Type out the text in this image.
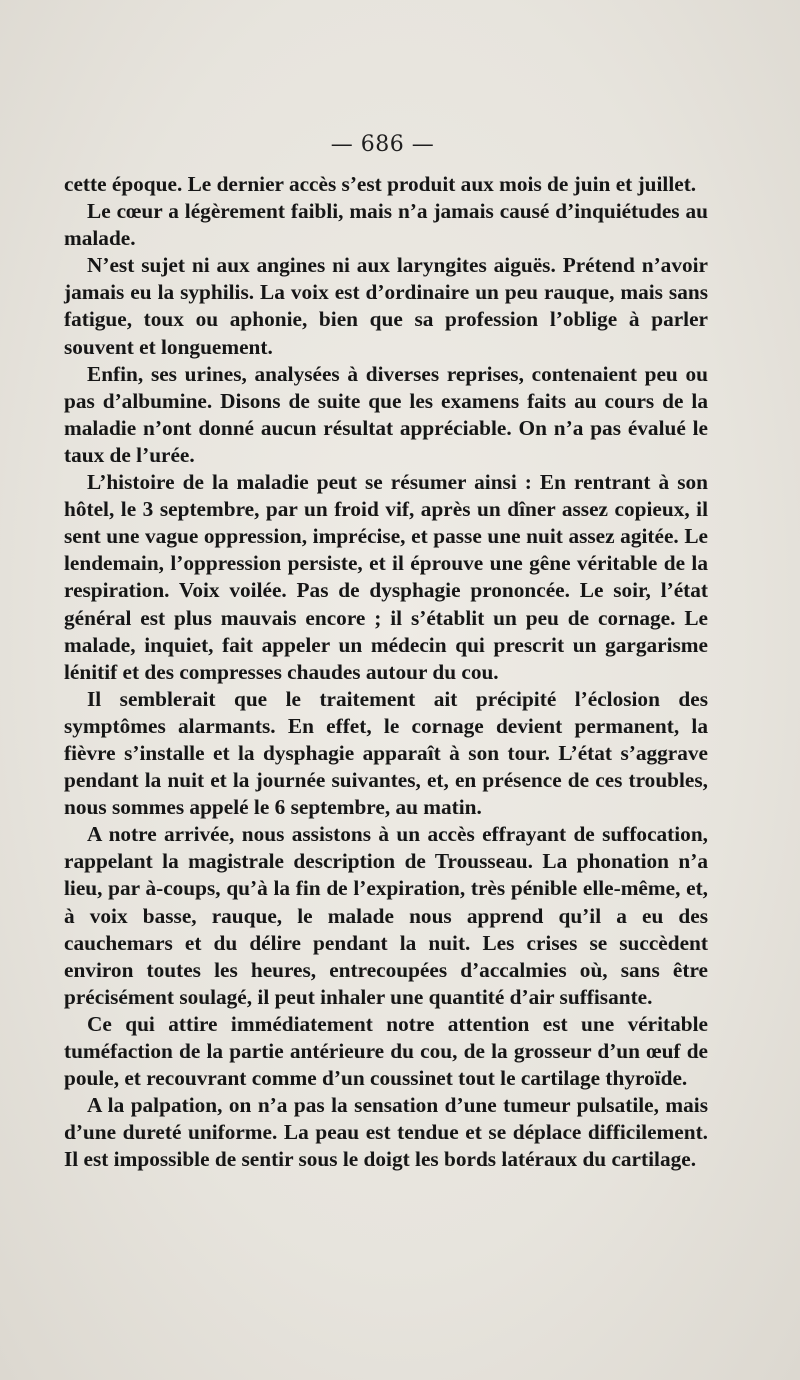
— 686 —

cette époque. Le dernier accès s’est produit aux mois de juin et juillet.

Le cœur a légèrement faibli, mais n’a jamais causé d’inquiétudes au malade.

N’est sujet ni aux angines ni aux laryngites aiguës. Prétend n’avoir jamais eu la syphilis. La voix est d’ordinaire un peu rauque, mais sans fatigue, toux ou aphonie, bien que sa profession l’oblige à parler souvent et longuement.

Enfin, ses urines, analysées à diverses reprises, contenaient peu ou pas d’albumine. Disons de suite que les examens faits au cours de la maladie n’ont donné aucun résultat appréciable. On n’a pas évalué le taux de l’urée.

L’histoire de la maladie peut se résumer ainsi : En rentrant à son hôtel, le 3 septembre, par un froid vif, après un dîner assez copieux, il sent une vague oppression, imprécise, et passe une nuit assez agitée. Le lendemain, l’oppression persiste, et il éprouve une gêne véritable de la respiration. Voix voilée. Pas de dysphagie prononcée. Le soir, l’état général est plus mauvais encore ; il s’établit un peu de cornage. Le malade, inquiet, fait appeler un médecin qui prescrit un gargarisme lénitif et des compresses chaudes autour du cou.

Il semblerait que le traitement ait précipité l’éclosion des symptômes alarmants. En effet, le cornage devient permanent, la fièvre s’installe et la dysphagie apparaît à son tour. L’état s’aggrave pendant la nuit et la journée suivantes, et, en présence de ces troubles, nous sommes appelé le 6 septembre, au matin.

A notre arrivée, nous assistons à un accès effrayant de suffocation, rappelant la magistrale description de Trousseau. La phonation n’a lieu, par à-coups, qu’à la fin de l’expiration, très pénible elle-même, et, à voix basse, rauque, le malade nous apprend qu’il a eu des cauchemars et du délire pendant la nuit. Les crises se succèdent environ toutes les heures, entrecoupées d’accalmies où, sans être précisément soulagé, il peut inhaler une quantité d’air suffisante.

Ce qui attire immédiatement notre attention est une véritable tuméfaction de la partie antérieure du cou, de la grosseur d’un œuf de poule, et recouvrant comme d’un coussinet tout le cartilage thyroïde.

A la palpation, on n’a pas la sensation d’une tumeur pulsatile, mais d’une dureté uniforme. La peau est tendue et se déplace difficilement. Il est impossible de sentir sous le doigt les bords latéraux du cartilage.
